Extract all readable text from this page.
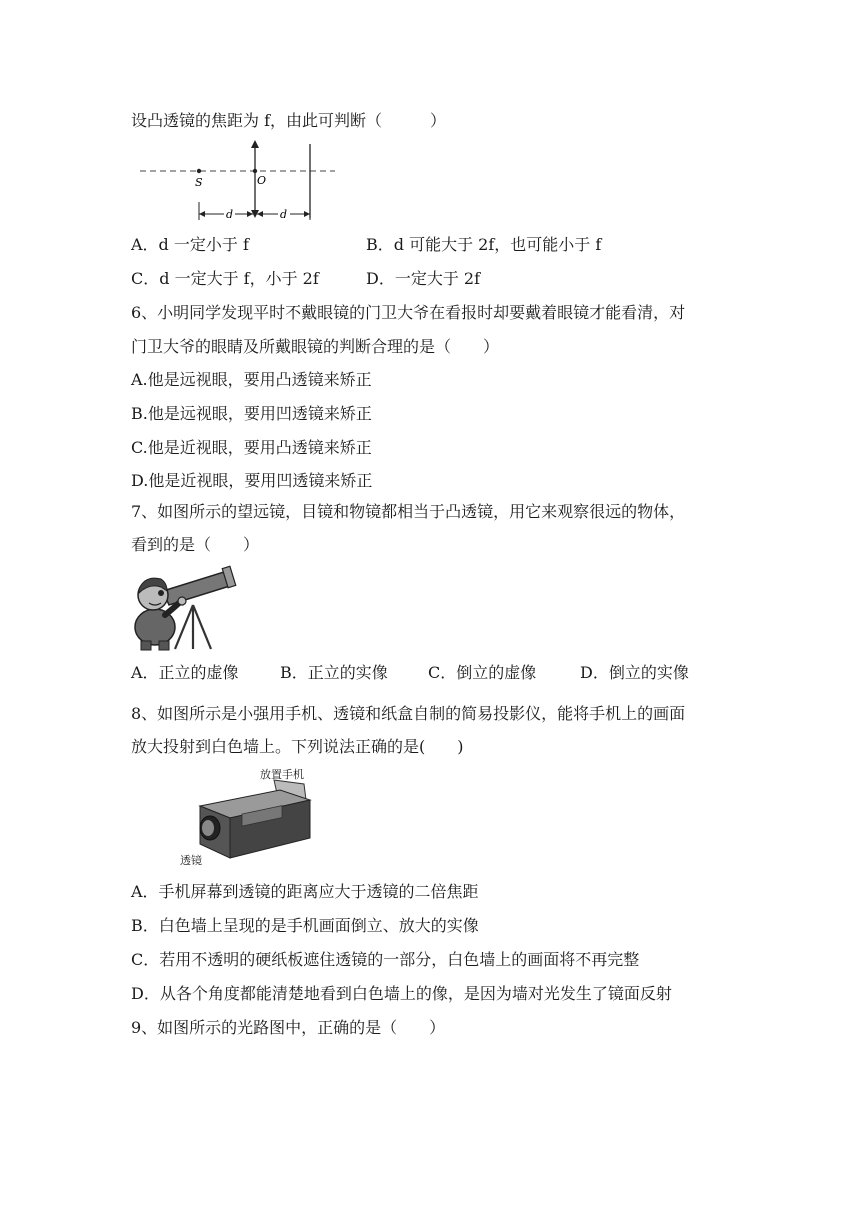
设凸透镜的焦距为 f，由此可判断（　　　）
S	O
d	d
A．d 一定小于 f	B．d 可能大于 2f，也可能小于 f
C．d 一定大于 f，小于 2f	D．一定大于 2f
6、小明同学发现平时不戴眼镜的门卫大爷在看报时却要戴着眼镜才能看清，对
门卫大爷的眼睛及所戴眼镜的判断合理的是（　　）
A.他是远视眼，要用凸透镜来矫正
B.他是远视眼，要用凹透镜来矫正
C.他是近视眼，要用凸透镜来矫正
D.他是近视眼，要用凹透镜来矫正
7、如图所示的望远镜，目镜和物镜都相当于凸透镜，用它来观察很远的物体，
看到的是（　　）
A．正立的虚像	B．正立的实像	C．倒立的虚像	D．倒立的实像
8、如图所示是小强用手机、透镜和纸盒自制的简易投影仪，能将手机上的画面
放大投射到白色墙上。下列说法正确的是(　　)
放置手机
透镜
A．手机屏幕到透镜的距离应大于透镜的二倍焦距
B．白色墙上呈现的是手机画面倒立、放大的实像
C．若用不透明的硬纸板遮住透镜的一部分，白色墙上的画面将不再完整
D．从各个角度都能清楚地看到白色墙上的像，是因为墙对光发生了镜面反射
9、如图所示的光路图中，正确的是（　　）
